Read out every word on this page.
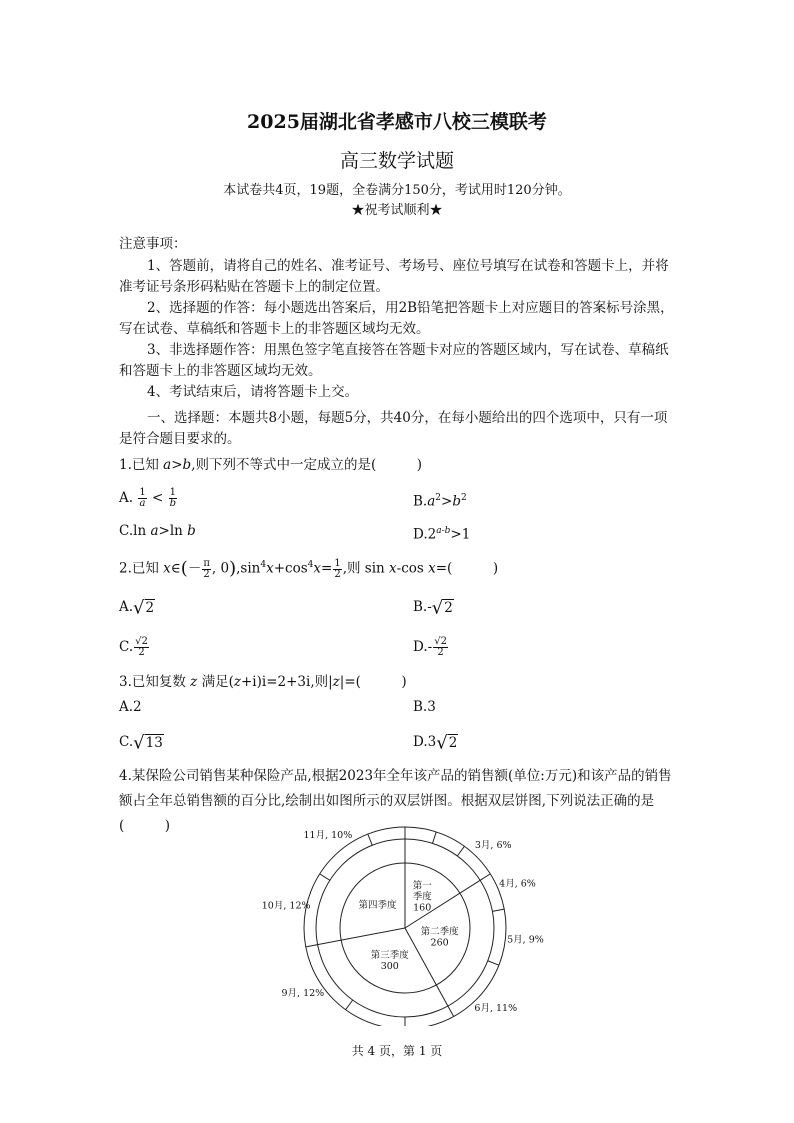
2025届湖北省孝感市八校三模联考
高三数学试题
本试卷共4页，19题，全卷满分150分，考试用时120分钟。
★祝考试顺利★
注意事项：
1、答题前，请将自己的姓名、准考证号、考场号、座位号填写在试卷和答题卡上，并将准考证号条形码粘贴在答题卡上的制定位置。
2、选择题的作答：每小题选出答案后，用2B铅笔把答题卡上对应题目的答案标号涂黑，写在试卷、草稿纸和答题卡上的非答题区域均无效。
3、非选择题作答：用黑色签字笔直接答在答题卡对应的答题区域内，写在试卷、草稿纸和答题卡上的非答题区域均无效。
4、考试结束后，请将答题卡上交。
一、选择题：本题共8小题，每题5分，共40分，在每小题给出的四个选项中，只有一项是符合题目要求的。
1.已知 a>b,则下列不等式中一定成立的是(　　　)
A. $\frac{1}{a} < \frac{1}{b}$	$B.a^2>b^2$
C.ln a>ln b	$D.2^{a-b}>1$
2.已知 x∈(－ $\frac{\pi}{2}$ , $0),\sin^4x+\cos^4x= \frac{1}{2}$ ,则 sin x-cos x=(　　　)
A.√2	B.-√2
C. $\frac{√2}{2}$	$D.- \frac{√2}{2}$
3.已知复数 z 满足(z+i)i=2+3i,则|z|=(　　　)
A.2	B.3
C.√13	D.3√2
4.某保险公司销售某种保险产品,根据2023年全年该产品的销售额(单位:万元)和该产品的销售额占全年总销售额的百分比,绘制出如图所示的双层饼图。根据双层饼图,下列说法正确的是(　　　)
3月, 6%
4月, 6%
5月, 9%
6月, 11%
9月, 12%
10月, 12%
11月, 10%
第一
季度
160
第二季度
260
第三季度
300
第四季度
共 4 页，第 1 页
